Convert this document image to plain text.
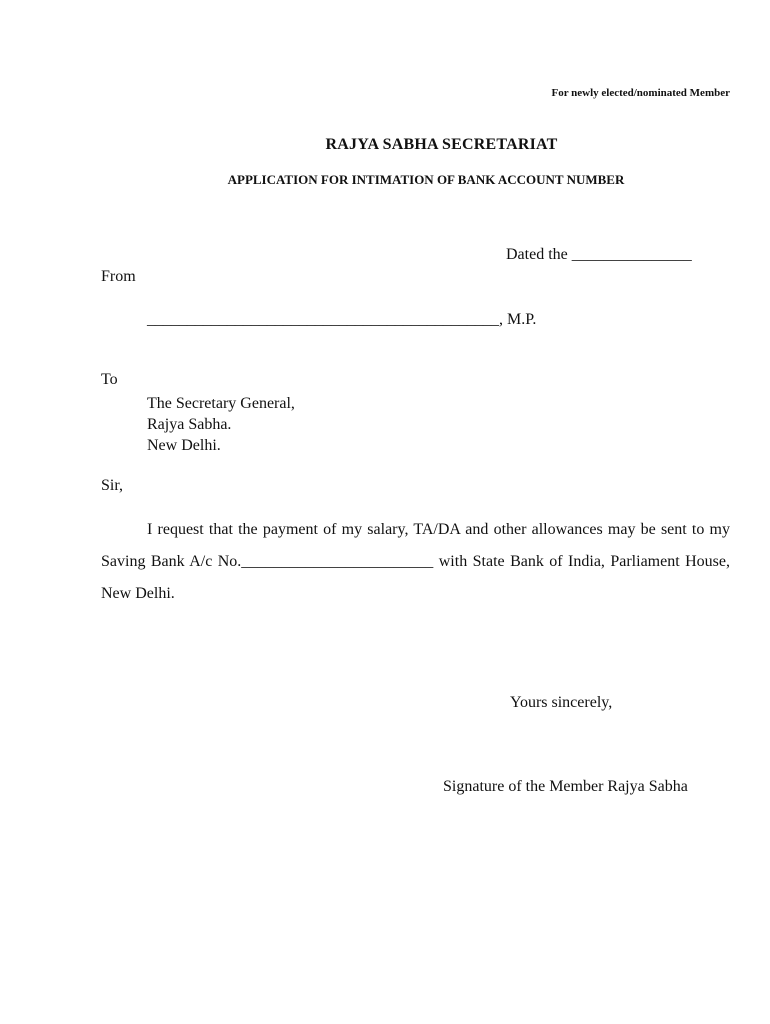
For newly elected/nominated Member
RAJYA SABHA SECRETARIAT
APPLICATION FOR INTIMATION OF BANK ACCOUNT NUMBER
Dated the _______________
From
____________________________________________, M.P.
To
The Secretary General,
Rajya Sabha.
New Delhi.
Sir,
I request that the payment of my salary, TA/DA and other allowances may be sent to my Saving Bank A/c No.________________________ with State Bank of India, Parliament House, New Delhi.
Yours sincerely,
Signature of the Member Rajya Sabha
